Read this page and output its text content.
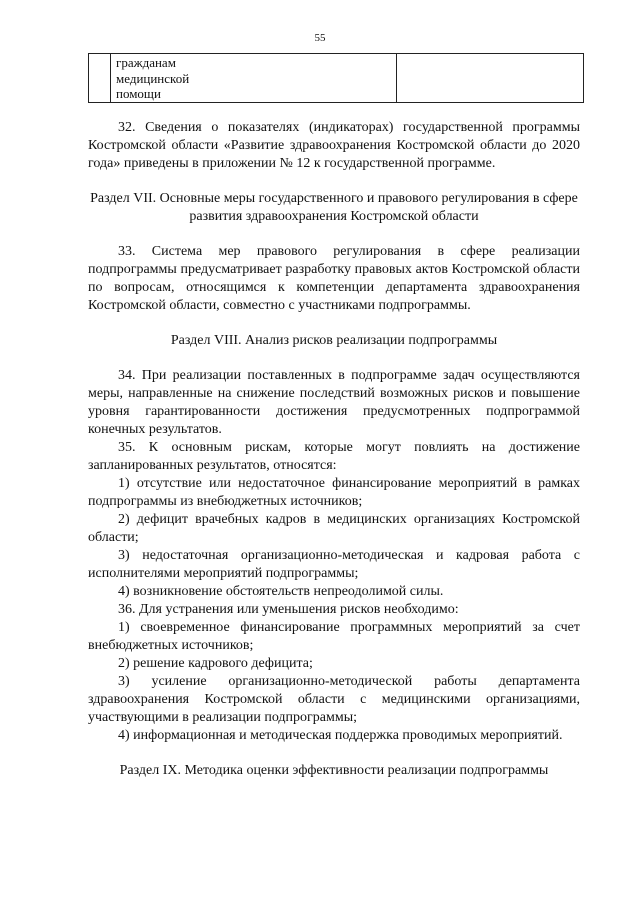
55
гражданам
медицинской
помощи

32. Сведения о показателях (индикаторах) государственной программы Костромской области «Развитие здравоохранения Костромской области до 2020 года» приведены в приложении № 12 к государственной программе.

Раздел VII. Основные меры государственного и правового регулирования в сфере развития здравоохранения Костромской области

33. Система мер правового регулирования в сфере реализации подпрограммы предусматривает разработку правовых актов Костромской области по вопросам, относящимся к компетенции департамента здравоохранения Костромской области, совместно с участниками подпрограммы.

Раздел VIII. Анализ рисков реализации подпрограммы

34. При реализации поставленных в подпрограмме задач осуществляются меры, направленные на снижение последствий возможных рисков и повышение уровня гарантированности достижения предусмотренных подпрограммой конечных результатов.

35. К основным рискам, которые могут повлиять на достижение запланированных результатов, относятся:

1) отсутствие или недостаточное финансирование мероприятий в рамках подпрограммы из внебюджетных источников;

2) дефицит врачебных кадров в медицинских организациях Костромской области;

3) недостаточная организационно-методическая и кадровая работа с исполнителями мероприятий подпрограммы;

4) возникновение обстоятельств непреодолимой силы.

36. Для устранения или уменьшения рисков необходимо:

1) своевременное финансирование программных мероприятий за счет внебюджетных источников;

2) решение кадрового дефицита;

3) усиление организационно-методической работы департамента здравоохранения Костромской области с медицинскими организациями, участвующими в реализации подпрограммы;

4) информационная и методическая поддержка проводимых мероприятий.

Раздел IX. Методика оценки эффективности реализации подпрограммы
